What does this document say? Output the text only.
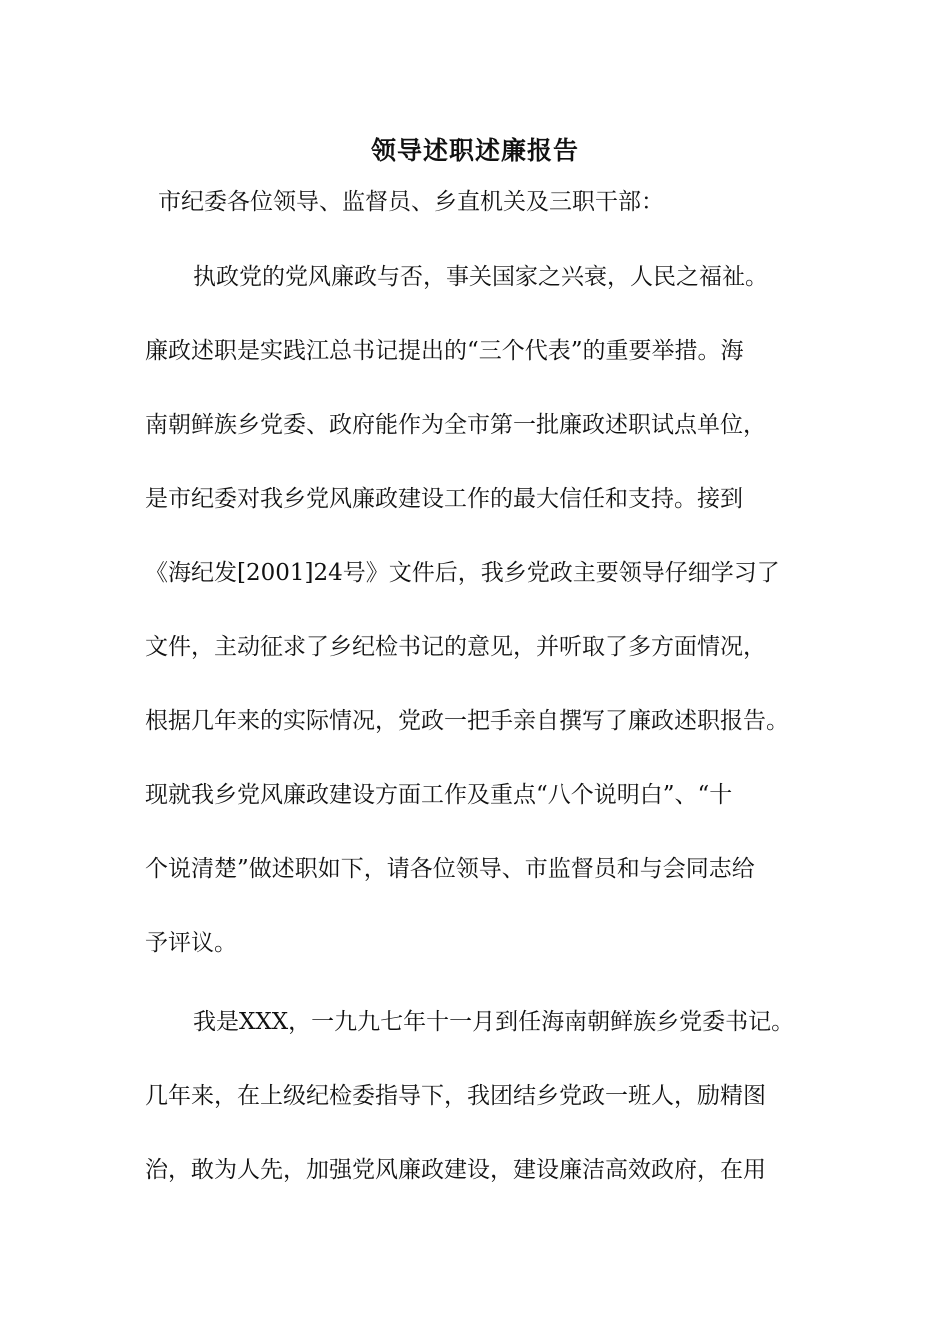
领导述职述廉报告
市纪委各位领导、监督员、乡直机关及三职干部：
执政党的党风廉政与否，事关国家之兴衰，人民之福祉。
廉政述职是实践江总书记提出的“三个代表”的重要举措。海
南朝鲜族乡党委、政府能作为全市第一批廉政述职试点单位，
是市纪委对我乡党风廉政建设工作的最大信任和支持。接到
《海纪发[2001]24号》文件后，我乡党政主要领导仔细学习了
文件，主动征求了乡纪检书记的意见，并听取了多方面情况，
根据几年来的实际情况，党政一把手亲自撰写了廉政述职报告。
现就我乡党风廉政建设方面工作及重点“八个说明白”、“十
个说清楚”做述职如下，请各位领导、市监督员和与会同志给
予评议。
我是XXX，一九九七年十一月到任海南朝鲜族乡党委书记。
几年来，在上级纪检委指导下，我团结乡党政一班人，励精图
治，敢为人先，加强党风廉政建设，建设廉洁高效政府，在用
